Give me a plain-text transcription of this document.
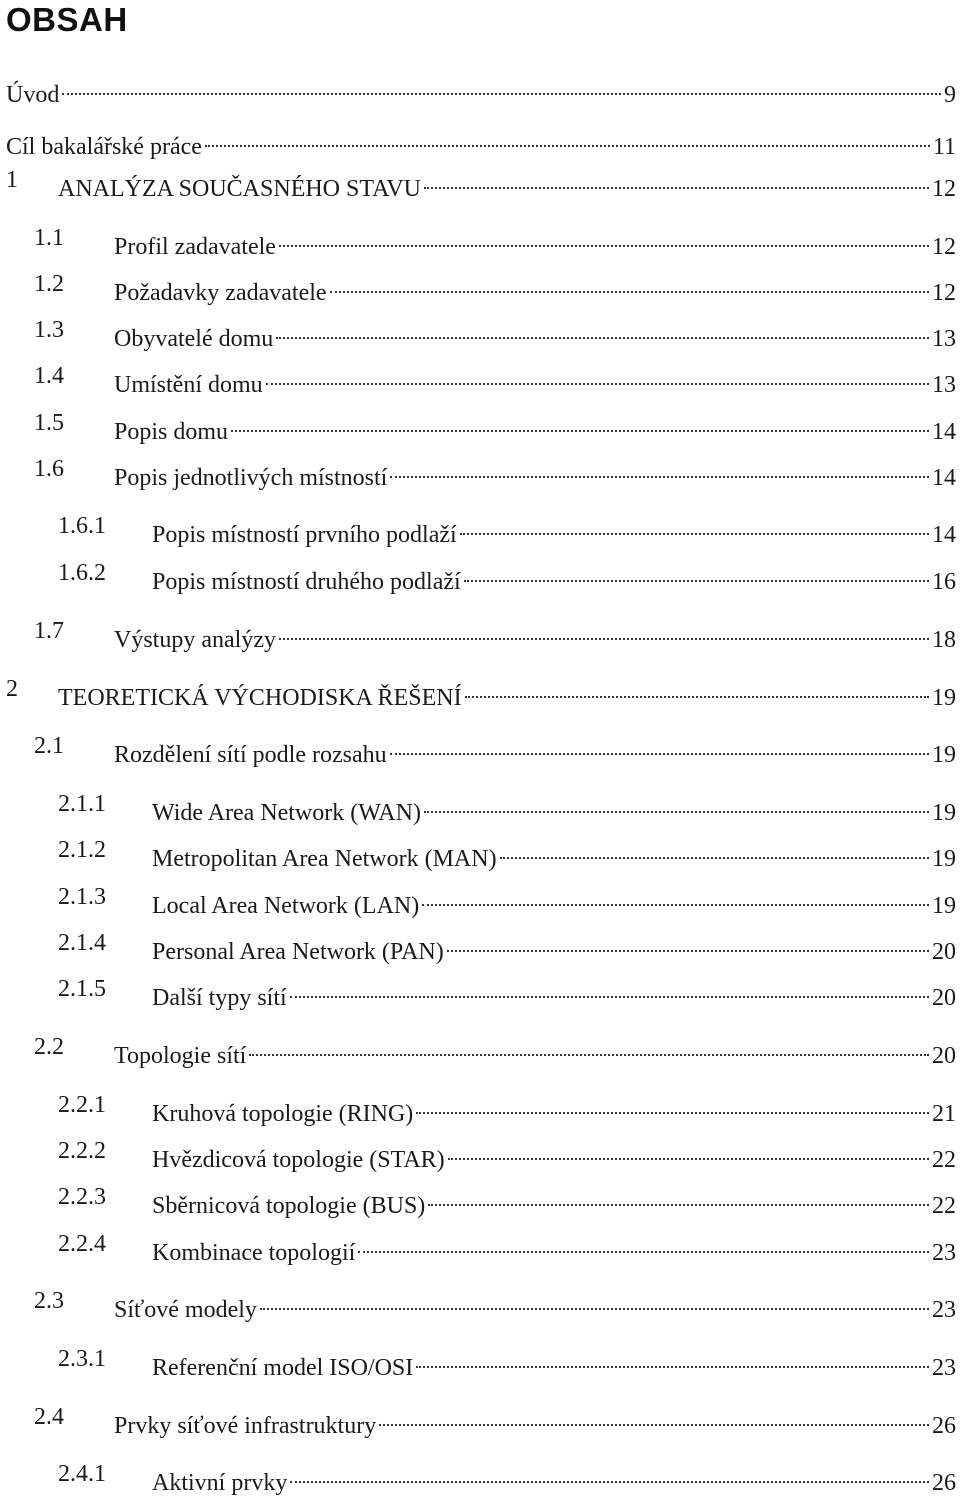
OBSAH
Úvod	9
Cíl bakalářské práce	11
1 ANALÝZA SOUČASNÉHO STAVU	12
1.1 Profil zadavatele	12
1.2 Požadavky zadavatele	12
1.3 Obyvatelé domu	13
1.4 Umístění domu	13
1.5 Popis domu	14
1.6 Popis jednotlivých místností	14
1.6.1 Popis místností prvního podlaží	14
1.6.2 Popis místností druhého podlaží	16
1.7 Výstupy analýzy	18
2 TEORETICKÁ VÝCHODISKA ŘEŠENÍ	19
2.1 Rozdělení sítí podle rozsahu	19
2.1.1 Wide Area Network (WAN)	19
2.1.2 Metropolitan Area Network (MAN)	19
2.1.3 Local Area Network (LAN)	19
2.1.4 Personal Area Network (PAN)	20
2.1.5 Další typy sítí	20
2.2 Topologie sítí	20
2.2.1 Kruhová topologie (RING)	21
2.2.2 Hvězdicová topologie (STAR)	22
2.2.3 Sběrnicová topologie (BUS)	22
2.2.4 Kombinace topologií	23
2.3 Síťové modely	23
2.3.1 Referenční model ISO/OSI	23
2.4 Prvky síťové infrastruktury	26
2.4.1 Aktivní prvky	26
